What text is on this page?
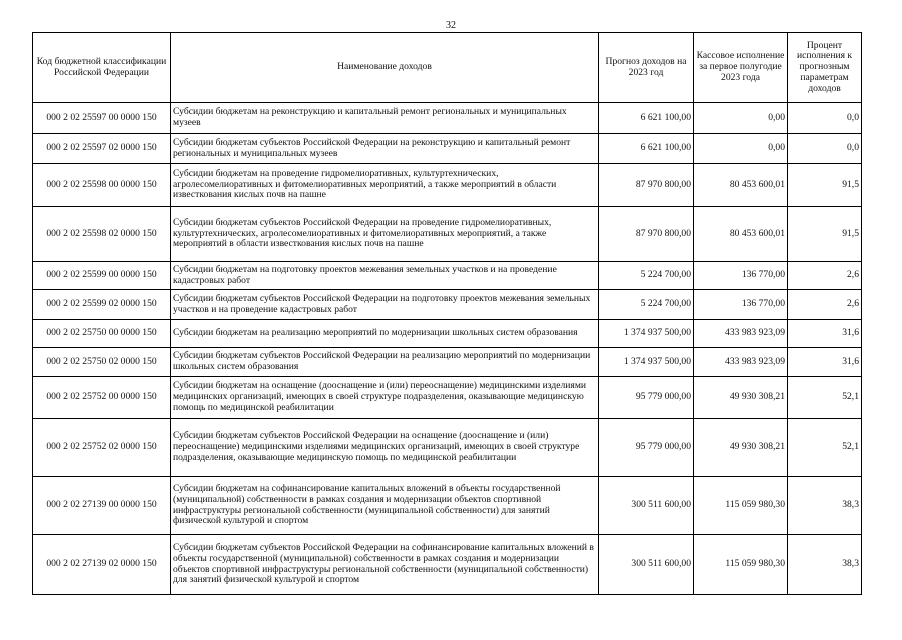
32
Код бюджетной классификации Российской Федерации	Наименование доходов	Прогноз доходов на 2023 год	Кассовое исполнение за первое полугодие 2023 года	Процент исполнения к прогнозным параметрам доходов
000 2 02 25597 00 0000 150	Субсидии бюджетам на реконструкцию и капитальный ремонт региональных и муниципальных музеев	6 621 100,00	0,00	0,0
000 2 02 25597 02 0000 150	Субсидии бюджетам субъектов Российской Федерации на реконструкцию и капитальный ремонт региональных и муниципальных музеев	6 621 100,00	0,00	0,0
000 2 02 25598 00 0000 150	Субсидии бюджетам на проведение гидромелиоративных, культуртехнических, агролесомелиоративных и фитомелиоративных мероприятий, а также мероприятий в области известкования кислых почв на пашне	87 970 800,00	80 453 600,01	91,5
000 2 02 25598 02 0000 150	Субсидии бюджетам субъектов Российской Федерации на проведение гидромелиоративных, культуртехнических, агролесомелиоративных и фитомелиоративных мероприятий, а также мероприятий в области известкования кислых почв на пашне	87 970 800,00	80 453 600,01	91,5
000 2 02 25599 00 0000 150	Субсидии бюджетам на подготовку проектов межевания земельных участков и на проведение кадастровых работ	5 224 700,00	136 770,00	2,6
000 2 02 25599 02 0000 150	Субсидии бюджетам субъектов Российской Федерации на подготовку проектов межевания земельных участков и на проведение кадастровых работ	5 224 700,00	136 770,00	2,6
000 2 02 25750 00 0000 150	Субсидии бюджетам на реализацию мероприятий по модернизации школьных систем образования	1 374 937 500,00	433 983 923,09	31,6
000 2 02 25750 02 0000 150	Субсидии бюджетам субъектов Российской Федерации на реализацию мероприятий по модернизации школьных систем образования	1 374 937 500,00	433 983 923,09	31,6
000 2 02 25752 00 0000 150	Субсидии бюджетам на оснащение (дооснащение и (или) переоснащение) медицинскими изделиями медицинских организаций, имеющих в своей структуре подразделения, оказывающие медицинскую помощь по медицинской реабилитации	95 779 000,00	49 930 308,21	52,1
000 2 02 25752 02 0000 150	Субсидии бюджетам субъектов Российской Федерации на оснащение (дооснащение и (или) переоснащение) медицинскими изделиями медицинских организаций, имеющих в своей структуре подразделения, оказывающие медицинскую помощь по медицинской реабилитации	95 779 000,00	49 930 308,21	52,1
000 2 02 27139 00 0000 150	Субсидии бюджетам на софинансирование капитальных вложений в объекты государственной (муниципальной) собственности в рамках создания и модернизации объектов спортивной инфраструктуры региональной собственности (муниципальной собственности) для занятий физической культурой и спортом	300 511 600,00	115 059 980,30	38,3
000 2 02 27139 02 0000 150	Субсидии бюджетам субъектов Российской Федерации на софинансирование капитальных вложений в объекты государственной (муниципальной) собственности в рамках создания и модернизации объектов спортивной инфраструктуры региональной собственности (муниципальной собственности) для занятий физической культурой и спортом	300 511 600,00	115 059 980,30	38,3
